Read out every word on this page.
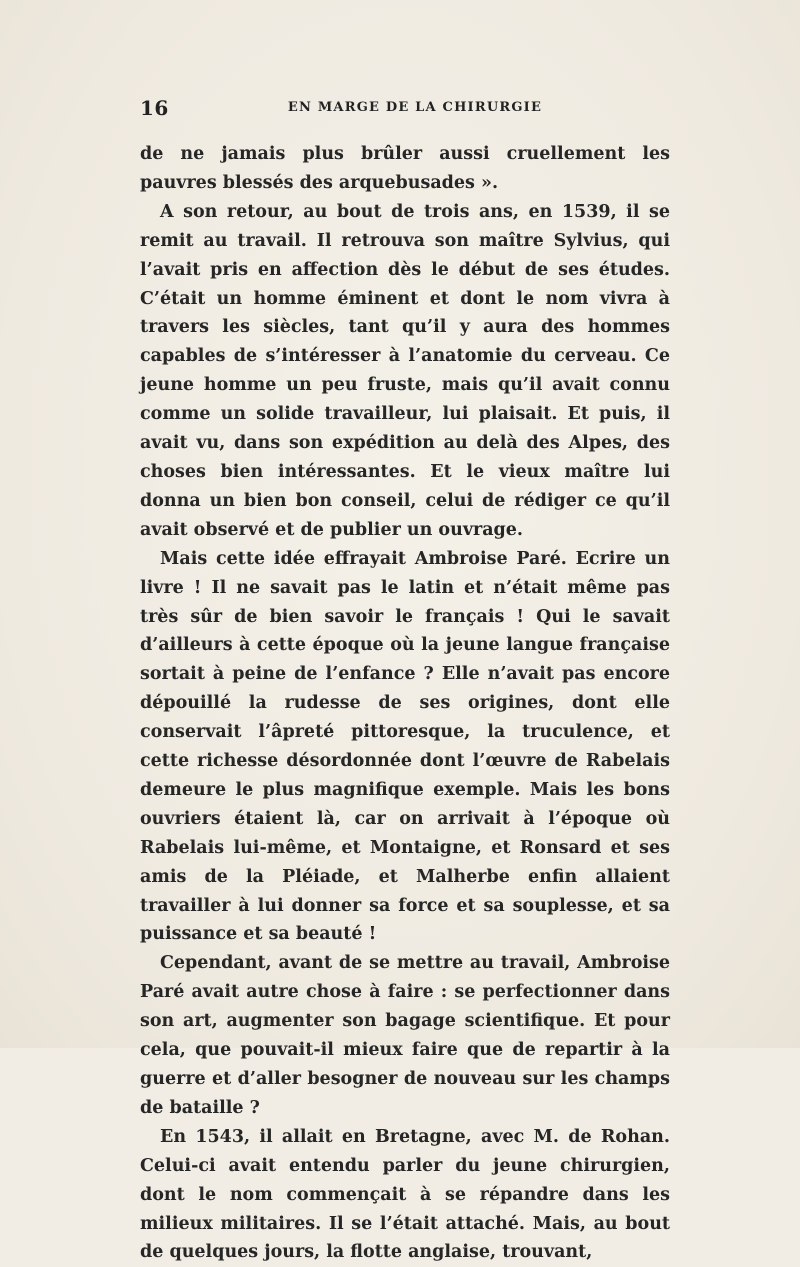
16	EN MARGE DE LA CHIRURGIE

de ne jamais plus brûler aussi cruellement les pauvres blessés des arquebusades ».

A son retour, au bout de trois ans, en 1539, il se remit au travail. Il retrouva son maître Sylvius, qui l’avait pris en affection dès le début de ses études. C’était un homme éminent et dont le nom vivra à travers les siècles, tant qu’il y aura des hommes capables de s’intéresser à l’anatomie du cerveau. Ce jeune homme un peu fruste, mais qu’il avait connu comme un solide travailleur, lui plaisait. Et puis, il avait vu, dans son expédition au delà des Alpes, des choses bien intéressantes. Et le vieux maître lui donna un bien bon conseil, celui de rédiger ce qu’il avait observé et de publier un ouvrage.

Mais cette idée effrayait Ambroise Paré. Ecrire un livre ! Il ne savait pas le latin et n’était même pas très sûr de bien savoir le français ! Qui le savait d’ailleurs à cette époque où la jeune langue française sortait à peine de l’enfance ? Elle n’avait pas encore dépouillé la rudesse de ses origines, dont elle conservait l’âpreté pittoresque, la truculence, et cette richesse désordonnée dont l’œuvre de Rabelais demeure le plus magnifique exemple. Mais les bons ouvriers étaient là, car on arrivait à l’époque où Rabelais lui-même, et Montaigne, et Ronsard et ses amis de la Pléiade, et Malherbe enfin allaient travailler à lui donner sa force et sa souplesse, et sa puissance et sa beauté !

Cependant, avant de se mettre au travail, Ambroise Paré avait autre chose à faire : se perfectionner dans son art, augmenter son bagage scientifique. Et pour cela, que pouvait-il mieux faire que de repartir à la guerre et d’aller besogner de nouveau sur les champs de bataille ?

En 1543, il allait en Bretagne, avec M. de Rohan. Celui-ci avait entendu parler du jeune chirurgien, dont le nom commençait à se répandre dans les milieux militaires. Il se l’était attaché. Mais, au bout de quelques jours, la flotte anglaise, trouvant,
